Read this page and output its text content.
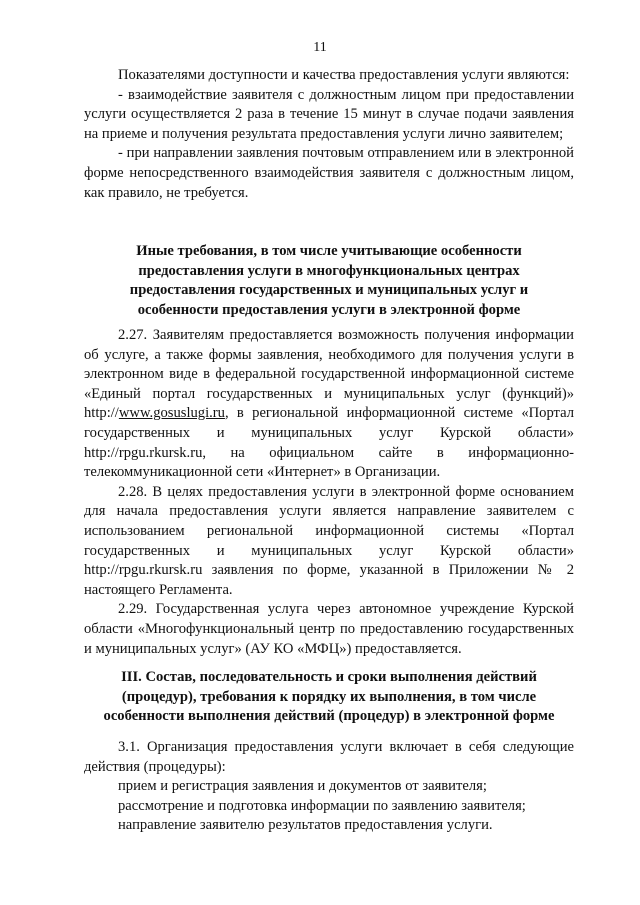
11

Показателями доступности и качества предоставления услуги являются:

- взаимодействие заявителя с должностным лицом при предоставлении услуги осуществляется 2 раза в течение 15 минут в случае подачи заявления на приеме и получения результата предоставления услуги лично заявителем;

- при направлении заявления почтовым отправлением или в электронной форме непосредственного взаимодействия заявителя с должностным лицом, как правило, не требуется.

Иные требования, в том числе учитывающие особенности
предоставления услуги в многофункциональных центрах
предоставления государственных и муниципальных услуг и
особенности предоставления услуги в электронной форме

2.27. Заявителям предоставляется возможность получения информации об услуге, а также формы заявления, необходимого для получения услуги в электронном виде в федеральной государственной информационной системе «Единый портал государственных и муниципальных услуг (функций)» http://www.gosuslugi.ru, в региональной информационной системе «Портал государственных и муниципальных услуг Курской области» http://rpgu.rkursk.ru, на официальном сайте в информационно-телекоммуникационной сети «Интернет» в Организации.

2.28. В целях предоставления услуги в электронной форме основанием для начала предоставления услуги является направление заявителем с использованием региональной информационной системы «Портал государственных и муниципальных услуг Курской области» http://rpgu.rkursk.ru заявления по форме, указанной в Приложении № 2 настоящего Регламента.

2.29. Государственная услуга через автономное учреждение Курской области «Многофункциональный центр по предоставлению государственных и муниципальных услуг» (АУ КО «МФЦ») предоставляется.

III. Состав, последовательность и сроки выполнения действий
(процедур), требования к порядку их выполнения, в том числе
особенности выполнения действий (процедур) в электронной форме

3.1. Организация предоставления услуги включает в себя следующие действия (процедуры):

прием и регистрация заявления и документов от заявителя;
рассмотрение и подготовка информации по заявлению заявителя;
направление заявителю результатов предоставления услуги.
